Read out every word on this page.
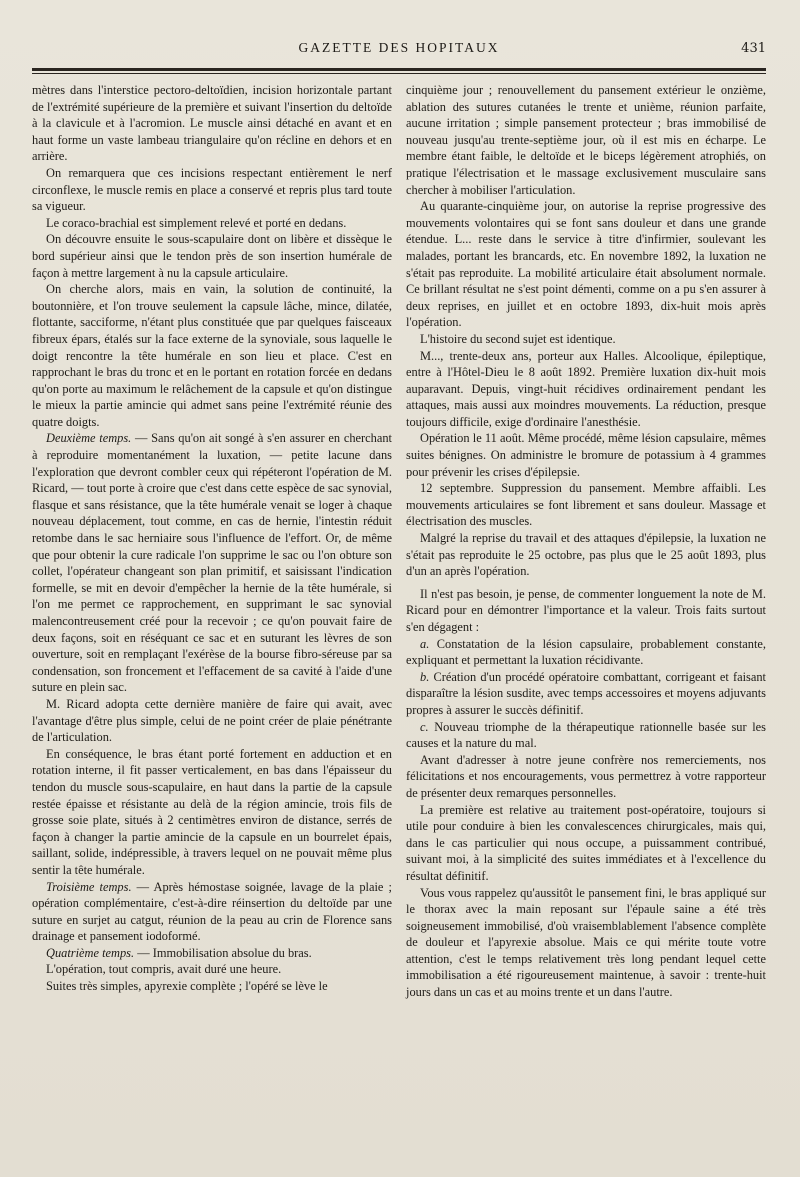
GAZETTE DES HOPITAUX	431

mètres dans l'interstice pectoro-deltoïdien, incision horizontale partant de l'extrémité supérieure de la première et suivant l'insertion du deltoïde à la clavicule et à l'acromion. Le muscle ainsi détaché en avant et en haut forme un vaste lambeau triangulaire qu'on récline en dehors et en arrière.

On remarquera que ces incisions respectant entièrement le nerf circonflexe, le muscle remis en place a conservé et repris plus tard toute sa vigueur.

Le coraco-brachial est simplement relevé et porté en dedans.

On découvre ensuite le sous-scapulaire dont on libère et dissèque le bord supérieur ainsi que le tendon près de son insertion humérale de façon à mettre largement à nu la capsule articulaire.

On cherche alors, mais en vain, la solution de continuité, la boutonnière, et l'on trouve seulement la capsule lâche, mince, dilatée, flottante, sacciforme, n'étant plus constituée que par quelques faisceaux fibreux épars, étalés sur la face externe de la synoviale, sous laquelle le doigt rencontre la tête humérale en son lieu et place. C'est en rapprochant le bras du tronc et en le portant en rotation forcée en dedans qu'on porte au maximum le relâchement de la capsule et qu'on distingue le mieux la partie amincie qui admet sans peine l'extrémité réunie des quatre doigts.

Deuxième temps. — Sans qu'on ait songé à s'en assurer en cherchant à reproduire momentanément la luxation, — petite lacune dans l'exploration que devront combler ceux qui répéteront l'opération de M. Ricard, — tout porte à croire que c'est dans cette espèce de sac synovial, flasque et sans résistance, que la tête humérale venait se loger à chaque nouveau déplacement, tout comme, en cas de hernie, l'intestin réduit retombe dans le sac herniaire sous l'influence de l'effort. Or, de même que pour obtenir la cure radicale l'on supprime le sac ou l'on obture son collet, l'opérateur changeant son plan primitif, et saisissant l'indication formelle, se mit en devoir d'empêcher la hernie de la tête humérale, si l'on me permet ce rapprochement, en supprimant le sac synovial malencontreusement créé pour la recevoir ; ce qu'on pouvait faire de deux façons, soit en réséquant ce sac et en suturant les lèvres de son ouverture, soit en remplaçant l'exérèse de la bourse fibro-séreuse par sa condensation, son froncement et l'effacement de sa cavité à l'aide d'une suture en plein sac.

M. Ricard adopta cette dernière manière de faire qui avait, avec l'avantage d'être plus simple, celui de ne point créer de plaie pénétrante de l'articulation.

En conséquence, le bras étant porté fortement en adduction et en rotation interne, il fit passer verticalement, en bas dans l'épaisseur du tendon du muscle sous-scapulaire, en haut dans la partie de la capsule restée épaisse et résistante au delà de la région amincie, trois fils de grosse soie plate, situés à 2 centimètres environ de distance, serrés de façon à changer la partie amincie de la capsule en un bourrelet épais, saillant, solide, indépressible, à travers lequel on ne pouvait même plus sentir la tête humérale.

Troisième temps. — Après hémostase soignée, lavage de la plaie ; opération complémentaire, c'est-à-dire réinsertion du deltoïde par une suture en surjet au catgut, réunion de la peau au crin de Florence sans drainage et pansement iodoformé.

Quatrième temps. — Immobilisation absolue du bras.

L'opération, tout compris, avait duré une heure.

Suites très simples, apyrexie complète ; l'opéré se lève le

cinquième jour ; renouvellement du pansement extérieur le onzième, ablation des sutures cutanées le trente et unième, réunion parfaite, aucune irritation ; simple pansement protecteur ; bras immobilisé de nouveau jusqu'au trente-septième jour, où il est mis en écharpe. Le membre étant faible, le deltoïde et le biceps légèrement atrophiés, on pratique l'électrisation et le massage exclusivement musculaire sans chercher à mobiliser l'articulation.

Au quarante-cinquième jour, on autorise la reprise progressive des mouvements volontaires qui se font sans douleur et dans une grande étendue. L... reste dans le service à titre d'infirmier, soulevant les malades, portant les brancards, etc. En novembre 1892, la luxation ne s'était pas reproduite. La mobilité articulaire était absolument normale. Ce brillant résultat ne s'est point démenti, comme on a pu s'en assurer à deux reprises, en juillet et en octobre 1893, dix-huit mois après l'opération.

L'histoire du second sujet est identique.

M..., trente-deux ans, porteur aux Halles. Alcoolique, épileptique, entre à l'Hôtel-Dieu le 8 août 1892. Première luxation dix-huit mois auparavant. Depuis, vingt-huit récidives ordinairement pendant les attaques, mais aussi aux moindres mouvements. La réduction, presque toujours difficile, exige d'ordinaire l'anesthésie.

Opération le 11 août. Même procédé, même lésion capsulaire, mêmes suites bénignes. On administre le bromure de potassium à 4 grammes pour prévenir les crises d'épilepsie.

12 septembre. Suppression du pansement. Membre affaibli. Les mouvements articulaires se font librement et sans douleur. Massage et électrisation des muscles.

Malgré la reprise du travail et des attaques d'épilepsie, la luxation ne s'était pas reproduite le 25 octobre, pas plus que le 25 août 1893, plus d'un an après l'opération.

Il n'est pas besoin, je pense, de commenter longuement la note de M. Ricard pour en démontrer l'importance et la valeur. Trois faits surtout s'en dégagent :

a. Constatation de la lésion capsulaire, probablement constante, expliquant et permettant la luxation récidivante.

b. Création d'un procédé opératoire combattant, corrigeant et faisant disparaître la lésion susdite, avec temps accessoires et moyens adjuvants propres à assurer le succès définitif.

c. Nouveau triomphe de la thérapeutique rationnelle basée sur les causes et la nature du mal.

Avant d'adresser à notre jeune confrère nos remerciements, nos félicitations et nos encouragements, vous permettrez à votre rapporteur de présenter deux remarques personnelles.

La première est relative au traitement post-opératoire, toujours si utile pour conduire à bien les convalescences chirurgicales, mais qui, dans le cas particulier qui nous occupe, a puissamment contribué, suivant moi, à la simplicité des suites immédiates et à l'excellence du résultat définitif.

Vous vous rappelez qu'aussitôt le pansement fini, le bras appliqué sur le thorax avec la main reposant sur l'épaule saine a été très soigneusement immobilisé, d'où vraisemblablement l'absence complète de douleur et l'apyrexie absolue. Mais ce qui mérite toute votre attention, c'est le temps relativement très long pendant lequel cette immobilisation a été rigoureusement maintenue, à savoir : trente-huit jours dans un cas et au moins trente et un dans l'autre.
